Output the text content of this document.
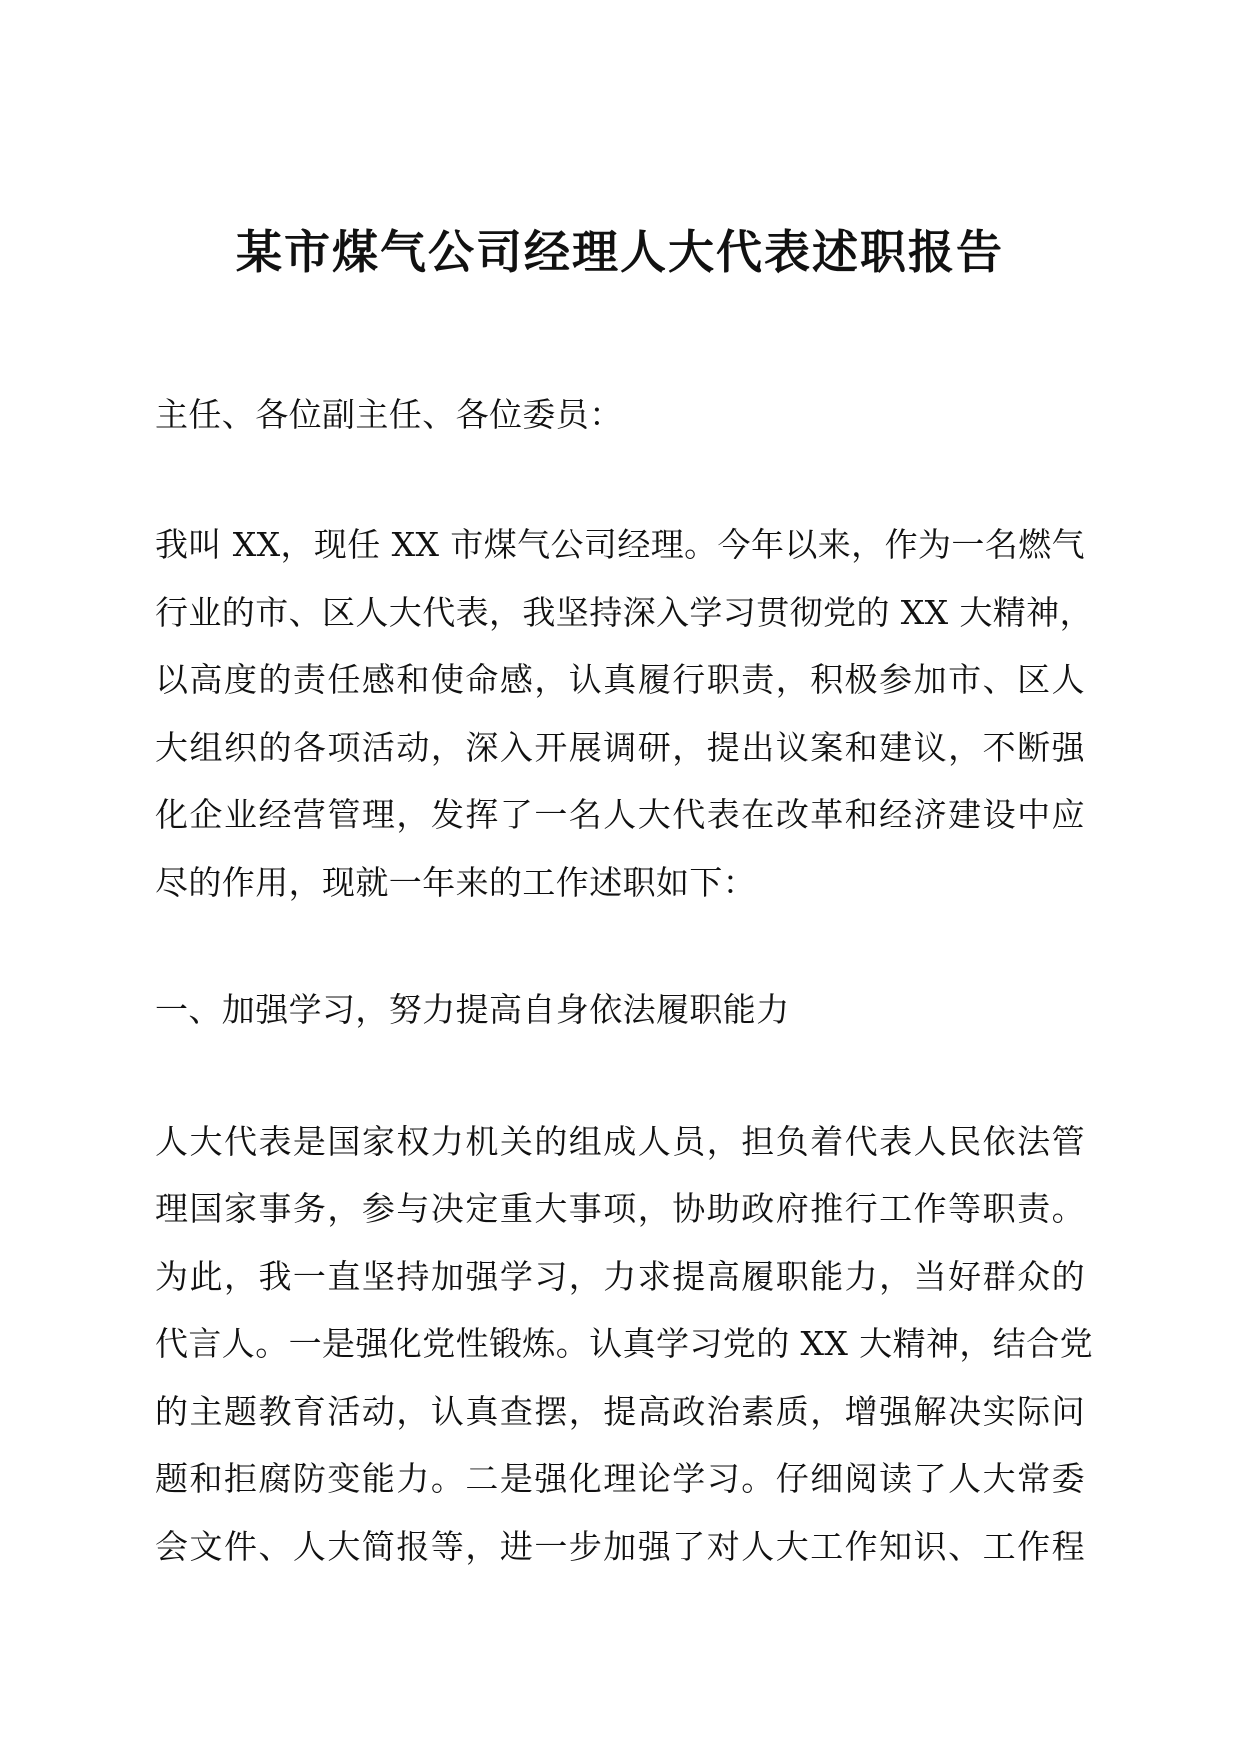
某市煤气公司经理人大代表述职报告
主任、各位副主任、各位委员：
我叫 XX，现任 XX 市煤气公司经理。今年以来，作为一名燃气
行业的市、区人大代表，我坚持深入学习贯彻党的 XX 大精神，
以高度的责任感和使命感，认真履行职责，积极参加市、区人
大组织的各项活动，深入开展调研，提出议案和建议，不断强
化企业经营管理，发挥了一名人大代表在改革和经济建设中应
尽的作用，现就一年来的工作述职如下：
一、加强学习，努力提高自身依法履职能力
人大代表是国家权力机关的组成人员，担负着代表人民依法管
理国家事务，参与决定重大事项，协助政府推行工作等职责。
为此，我一直坚持加强学习，力求提高履职能力，当好群众的
代言人。一是强化党性锻炼。认真学习党的 XX 大精神，结合党
的主题教育活动，认真查摆，提高政治素质，增强解决实际问
题和拒腐防变能力。二是强化理论学习。仔细阅读了人大常委
会文件、人大简报等，进一步加强了对人大工作知识、工作程
